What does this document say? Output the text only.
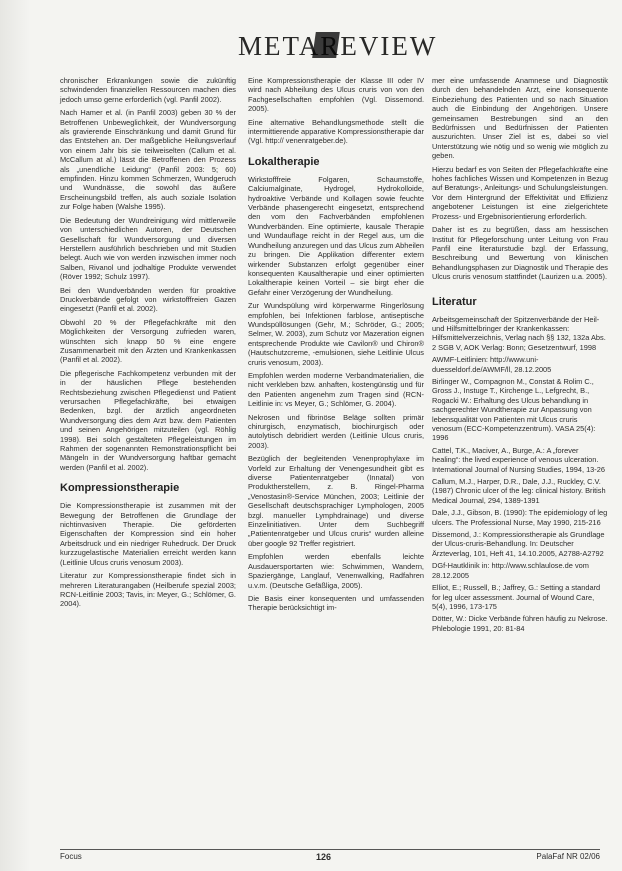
METAREVIEW

chronischer Erkrankungen sowie die zukünftig schwindenden finanziellen Ressourcen machen dies jedoch umso gerne erforderlich (vgl. Panfil 2002).

Nach Hamer et al. (in Panfil 2003) geben 30 % der Betroffenen Unbeweglichkeit, der Wundversorgung als gravierende Einschränkung und damit Grund für das Entstehen an. Der maßgebliche Heilungsverlauf von einem Jahr bis sie teilweiselten (Callum et al. McCallum at al.) lässt die Betroffenen den Prozess als „unendliche Leidung“ (Panfil 2003: 5; 60) empfinden. Hinzu kommen Schmerzen, Wundgeruch und Wundnässe, die sowohl das äußere Erscheinungsbild treffen, als auch soziale Isolation zur Folge haben (Walshe 1995).

Die Bedeutung der Wundreinigung wird mittlerweile von unterschiedlichen Autoren, der Deutschen Gesellschaft für Wundversorgung und diversen Herstellern ausführlich beschrieben und mit Studien belegt. Auch wie von werden inzwischen immer noch Salben, Rivanol und jodhaltige Produkte verwendet (Röver 1992; Schulz 1997).

Bei den Wundverbänden werden für proaktive Druckverbände gefolgt von wirkstofffreien Gazen eingesetzt (Panfil et al. 2002).

Obwohl 20 % der Pflegefachkräfte mit den Möglichkeiten der Versorgung zufrieden waren, wünschten sich knapp 50 % eine engere Zusammenarbeit mit den Ärzten und Krankenkassen (Panfil et al. 2002).

Die pflegerische Fachkompetenz verbunden mit der in der häuslichen Pflege bestehenden Rechtsbeziehung zwischen Pflegedienst und Patient verursachen Pflegefachkräfte, bei etwaigen Bedenken, bzgl. der ärztlich angeordneten Wundversorgung dies dem Arzt bzw. dem Patienten und seinen Angehörigen mitzuteilen (vgl. Röhlig 1998). Bei solch gestalteten Pflegeleistungen im Rahmen der sogenannten Remonstrationspflicht bei Mängeln in der Wundversorgung haftbar gemacht werden (Panfil et al. 2002).

Kompressionstherapie

Die Kompressionstherapie ist zusammen mit der Bewegung der Betroffenen die Grundlage der nichtinvasiven Therapie. Die geförderten Eigenschaften der Kompression sind ein hoher Arbeitsdruck und ein niedriger Ruhedruck. Der Druck kurzzugelastische Materialien erreicht werden kann (Leitlinie Ulcus cruris venosum 2003).

Literatur zur Kompressionstherapie findet sich in mehreren Literaturangaben (Heilberufe spezial 2003; RCN-Leitlinie 2003; Tavis, in: Meyer, G.; Schlömer, G. 2004).

Eine Kompressionstherapie der Klasse III oder IV wird nach Abheilung des Ulcus cruris von von den Fachgesellschaften empfohlen (Vgl. Dissemond. 2005).

Eine alternative Behandlungsmethode stellt die intermittierende apparative Kompressionstherapie dar (Vgl. http:// venenratgeber.de).

Lokaltherapie

Wirkstofffreie Folgaren, Schaumstoffe, Calciumalginate, Hydrogel, Hydrokolloide, hydroaktive Verbände und Kollagen sowie feuchte Verbände phasengerecht eingesetzt, entsprechend den vom den Fachverbänden empfohlenen Wundverbänden. Eine optimierte, kausale Therapie und Wundauflage reicht in der Regel aus, um die Wundheilung anzuregen und das Ulcus zum Abheilen zu bringen. Die Applikation differenter extern wirkender Substanzen erfolgt gegenüber einer konsequenten Kausaltherapie und einer optimierten Lokaltherapie keinen Vorteil – sie birgt eher die Gefahr einer Verzögerung der Wundheilung.

Zur Wundspülung wird körperwarme Ringerlösung empfohlen, bei Infektionen farblose, antiseptische Wundspüllösungen (Gehr, M.; Schröder, G.; 2005; Selmer, W. 2003), zum Schutz vor Mazeration eignen entsprechende Produkte wie Cavilon® und Chiron® (Hautschutzcreme, -emulsionen, siehe Leitlinie Ulcus cruris venosum, 2003).

Empfohlen werden moderne Verbandmaterialien, die nicht verkleben bzw. anhaften, kostengünstig und für den Patienten angenehm zum Tragen sind (RCN-Leitlinie in: vs Meyer, G.; Schlömer, G. 2004).

Nekrosen und fibrinöse Beläge sollten primär chirurgisch, enzymatisch, biochirurgisch oder autolytisch debridiert werden (Leitlinie Ulcus cruris, 2003).

Bezüglich der begleitenden Venenprophylaxe im Vorfeld zur Erhaltung der Venengesundheit gibt es diverse Patientenratgeber (Innatal) von Produktherstellern, z. B. Ringel-Pharma „Venostasin®-Service München, 2003; Leitlinie der Gesellschaft deutschsprachiger Lymphologen, 2005 bzgl. manueller Lymphdrainage) und diverse Einzelinitiativen. Unter dem Suchbegriff „Patientenratgeber und Ulcus cruris“ wurden alleine über google 92 Treffer registriert.

Empfohlen werden ebenfalls leichte Ausdauersportarten wie: Schwimmen, Wandern, Spaziergänge, Langlauf, Venenwalking, Radfahren u.v.m. (Deutsche Gefäßliga, 2005).

Die Basis einer konsequenten und umfassenden Therapie berücksichtigt im-

mer eine umfassende Anamnese und Diagnostik durch den behandelnden Arzt, eine konsequente Einbeziehung des Patienten und so nach Situation auch die Einbindung der Angehörigen. Unsere gemeinsamen Bestrebungen sind an den Bedürfnissen und Bedürfnissen der Patienten auszurichten. Unser Ziel ist es, dabei so viel Unterstützung wie nötig und so wenig wie möglich zu geben.

Hierzu bedarf es von Seiten der Pflegefachkräfte eine hohes fachliches Wissen und Kompetenzen in Bezug auf Beratungs-, Anleitungs- und Schulungsleistungen. Vor dem Hintergrund der Effektivität und Effizienz angebotener Leistungen ist eine zielgerichtete Prozess- und Ergebnisorientierung erforderlich.

Daher ist es zu begrüßen, dass am hessischen Institut für Pflegeforschung unter Leitung von Frau Panfil eine literaturstudie bzgl. der Erfassung, Beschreibung und Bewertung von klinischen Behandlungsphasen zur Diagnostik und Therapie des Ulcus cruris venosum stattfindet (Laurizen u.a. 2005).

Literatur

Arbeitsgemeinschaft der Spitzenverbände der Heil- und Hilfsmittelbringer der Krankenkassen: Hilfsmittelverzeichnis, Verlag nach §§ 132, 132a Abs. 2 SGB V, AOK Verlag: Bonn; Gesetzentwurf, 1998

AWMF-Leitlinien: http://www.uni-duesseldorf.de/AWMF/ll, 28.12.2005

Birlinger W., Cornpagnon M., Constat & Rolim C., Gross J., Instuge T., Kirchenge L., Lefgrecht, B., Rogacki W.: Erhaltung des Ulcus behandlung in sachgerechter Wundtherapie zur Anpassung von lebensqualität von Patienten mit Ulcus cruris venosum (ECC-Kompetenzzentrum). VASA 25(4): 1996

Cattel, T.K., Maciver, A., Burge, A.: A „forever healing“: the lived experience of venous ulceration. International Journal of Nursing Studies, 1994, 13-26

Callum, M.J., Harper, D.R., Dale, J.J., Ruckley, C.V. (1987) Chronic ulcer of the leg: clinical history. British Medical Journal, 294, 1389-1391

Dale, J.J., Gibson, B. (1990): The epidemiology of leg ulcers. The Professional Nurse, May 1990, 215-216

Dissemond, J.: Kompressionstherapie als Grundlage der Ulcus-cruris-Behandlung. In: Deutscher Ärzteverlag, 101, Heft 41, 14.10.2005, A2788-A2792

DGf-Hautklinik in: http://www.schlaulose.de vom 28.12.2005

Elliot, E.; Russell, B.; Jaffrey, G.: Setting a standard for leg ulcer assessment. Journal of Wound Care, 5(4), 1996, 173-175

Dötter, W.: Dicke Verbände führen häufig zu Nekrose. Phlebologie 1991, 20: 81-84

Focus	126	PalaFaf NR 02/06
